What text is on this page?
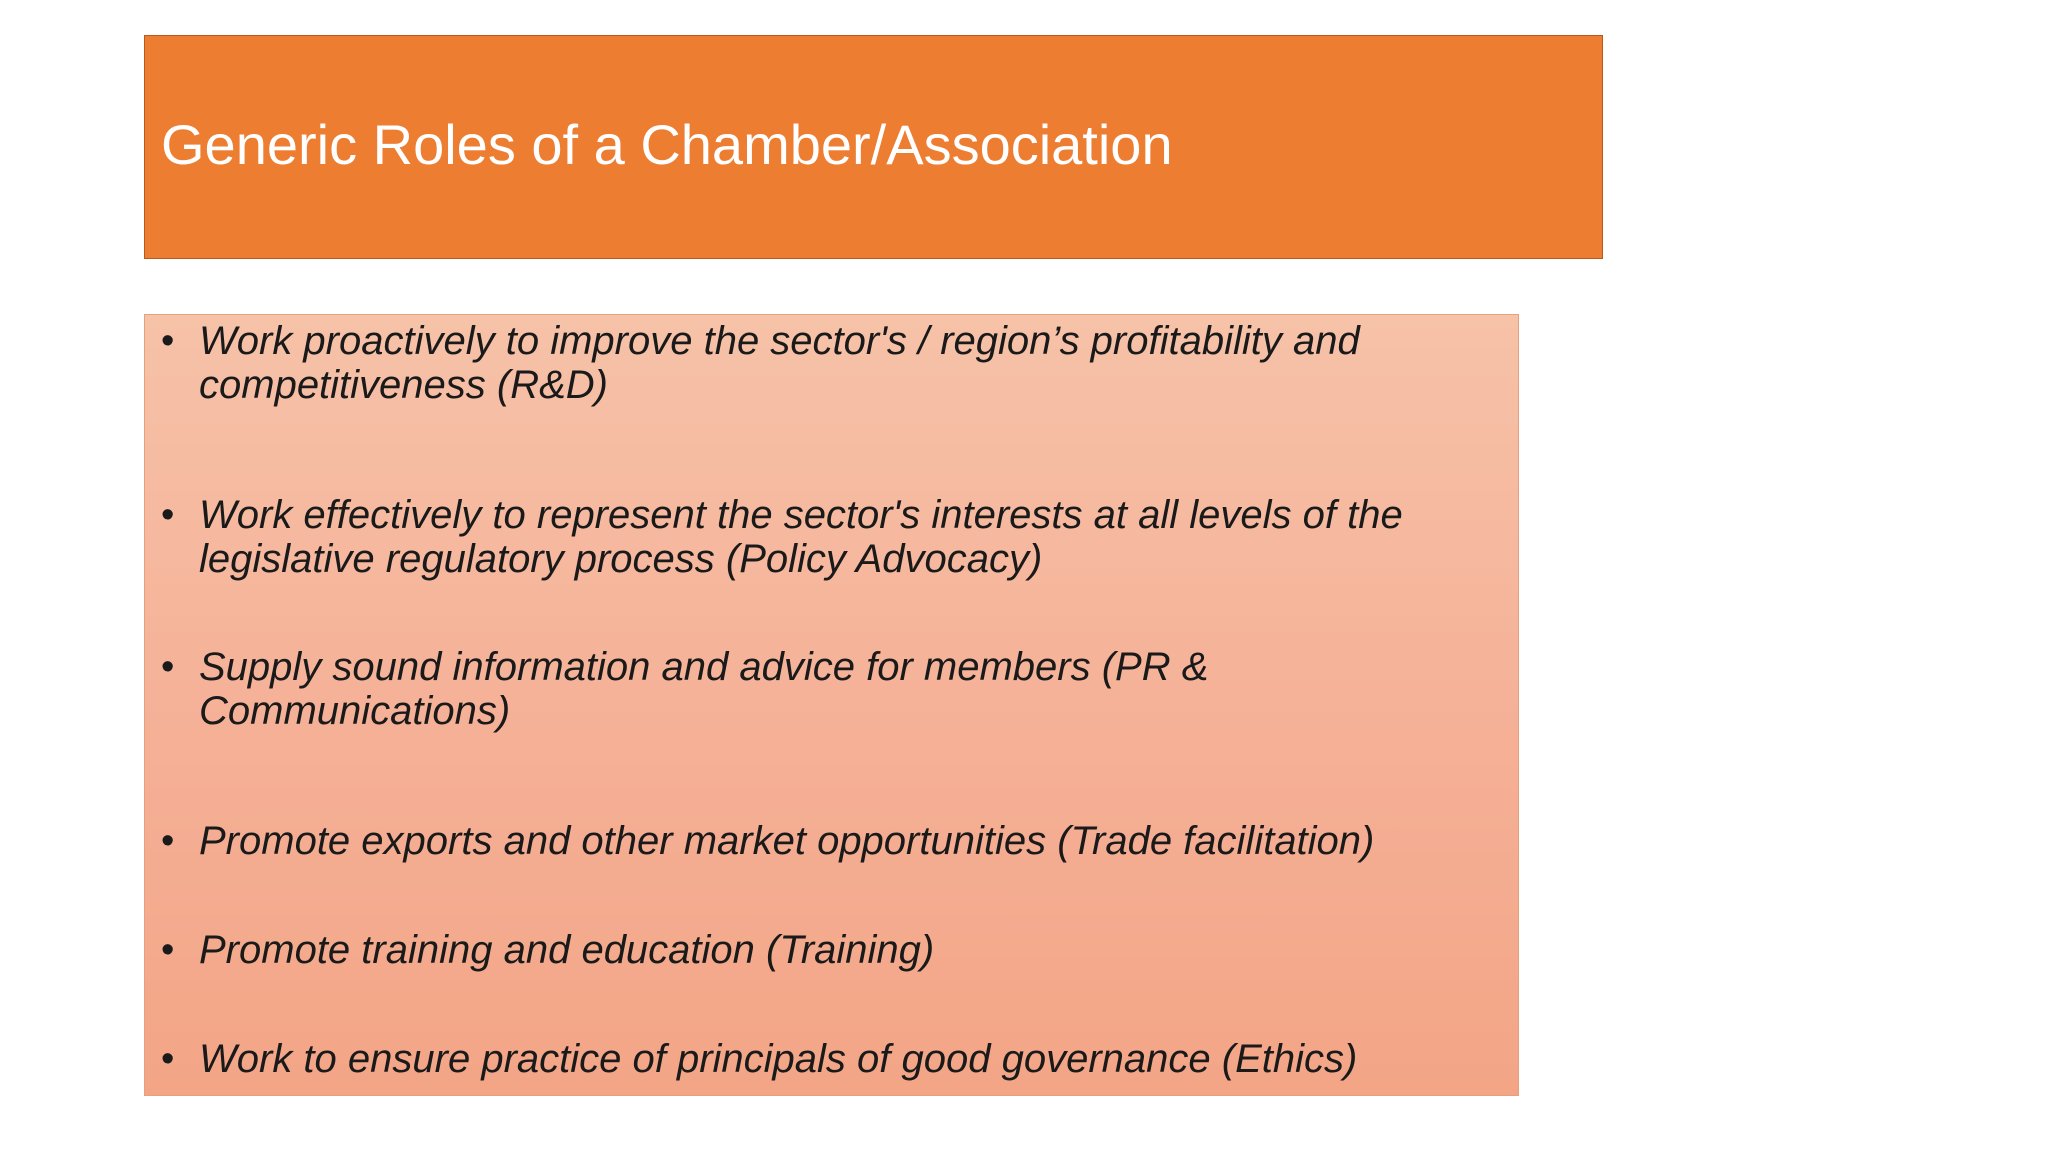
Generic Roles of a Chamber/Association
• Work proactively to improve the sector's / region’s profitability and
competitiveness (R&D)
• Work effectively to represent the sector's interests at all levels of the
legislative regulatory process (Policy Advocacy)
• Supply sound information and advice for members (PR &
Communications)
• Promote exports and other market opportunities (Trade facilitation)
• Promote training and education (Training)
• Work to ensure practice of principals of good governance (Ethics)
